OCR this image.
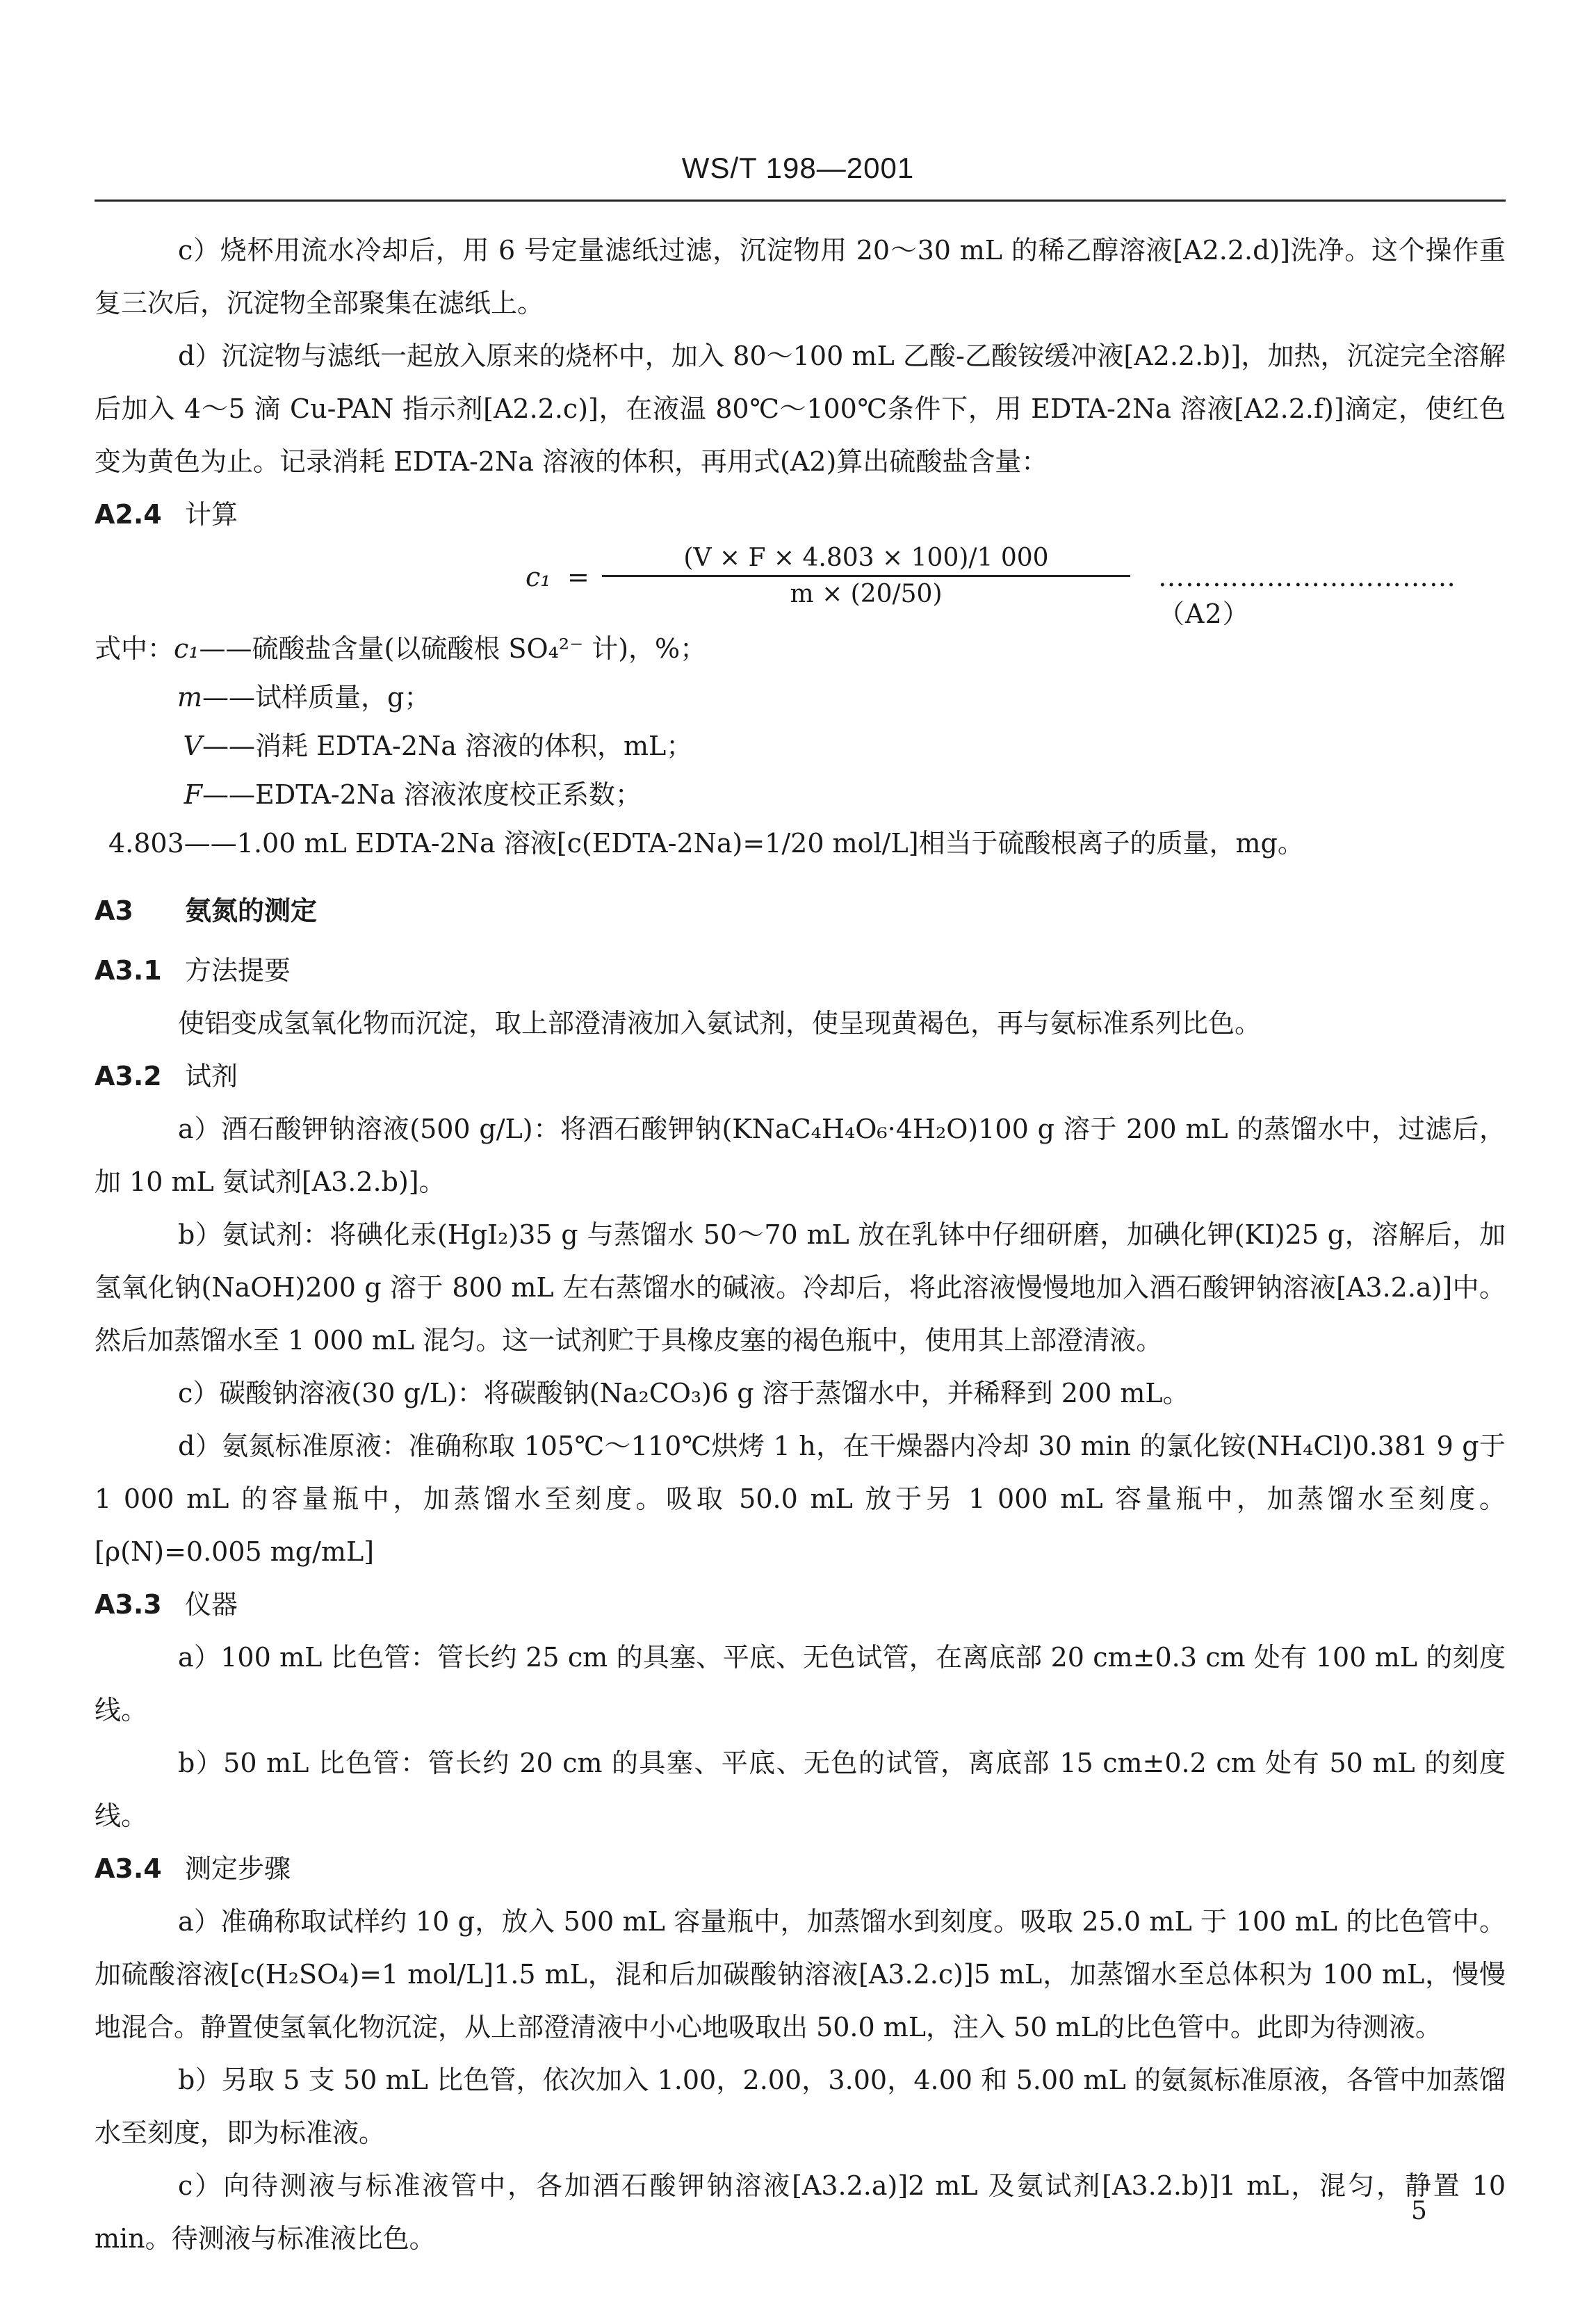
WS/T 198—2001

c）烧杯用流水冷却后，用 6 号定量滤纸过滤，沉淀物用 20～30 mL 的稀乙醇溶液[A2.2.d)]洗净。这个操作重复三次后，沉淀物全部聚集在滤纸上。

d）沉淀物与滤纸一起放入原来的烧杯中，加入 80～100 mL 乙酸-乙酸铵缓冲液[A2.2.b)]，加热，沉淀完全溶解后加入 4～5 滴 Cu-PAN 指示剂[A2.2.c)]，在液温 80℃～100℃条件下，用 EDTA-2Na 溶液[A2.2.f)]滴定，使红色变为黄色为止。记录消耗 EDTA-2Na 溶液的体积，再用式(A2)算出硫酸盐含量：

A2.4 计算

$c_1 = \frac{(V \times F \times 4.803 \times 100)/1 000}{m \times (20/50)}$ ……………………………（A2）

式中：c₁——硫酸盐含量(以硫酸根 SO₄²⁻ 计)，%；

m——试样质量，g；

V——消耗 EDTA-2Na 溶液的体积，mL；

F——EDTA-2Na 溶液浓度校正系数；

4.803——1.00 mL EDTA-2Na 溶液[c(EDTA-2Na)=1/20 mol/L]相当于硫酸根离子的质量，mg。

A3 氨氮的测定

A3.1 方法提要

使铝变成氢氧化物而沉淀，取上部澄清液加入氨试剂，使呈现黄褐色，再与氨标准系列比色。

A3.2 试剂

a）酒石酸钾钠溶液(500 g/L)：将酒石酸钾钠(KNaC₄H₄O₆·4H₂O)100 g 溶于 200 mL 的蒸馏水中，过滤后，加 10 mL 氨试剂[A3.2.b)]。

b）氨试剂：将碘化汞(HgI₂)35 g 与蒸馏水 50～70 mL 放在乳钵中仔细研磨，加碘化钾(KI)25 g，溶解后，加氢氧化钠(NaOH)200 g 溶于 800 mL 左右蒸馏水的碱液。冷却后，将此溶液慢慢地加入酒石酸钾钠溶液[A3.2.a)]中。然后加蒸馏水至 1 000 mL 混匀。这一试剂贮于具橡皮塞的褐色瓶中，使用其上部澄清液。

c）碳酸钠溶液(30 g/L)：将碳酸钠(Na₂CO₃)6 g 溶于蒸馏水中，并稀释到 200 mL。

d）氨氮标准原液：准确称取 105℃～110℃烘烤 1 h，在干燥器内冷却 30 min 的氯化铵(NH₄Cl)0.381 9 g于 1 000 mL 的容量瓶中，加蒸馏水至刻度。吸取 50.0 mL 放于另 1 000 mL 容量瓶中，加蒸馏水至刻度。[ρ(N)=0.005 mg/mL]

A3.3 仪器

a）100 mL 比色管：管长约 25 cm 的具塞、平底、无色试管，在离底部 20 cm±0.3 cm 处有 100 mL 的刻度线。

b）50 mL 比色管：管长约 20 cm 的具塞、平底、无色的试管，离底部 15 cm±0.2 cm 处有 50 mL 的刻度线。

A3.4 测定步骤

a）准确称取试样约 10 g，放入 500 mL 容量瓶中，加蒸馏水到刻度。吸取 25.0 mL 于 100 mL 的比色管中。加硫酸溶液[c(H₂SO₄)=1 mol/L]1.5 mL，混和后加碳酸钠溶液[A3.2.c)]5 mL，加蒸馏水至总体积为 100 mL，慢慢地混合。静置使氢氧化物沉淀，从上部澄清液中小心地吸取出 50.0 mL，注入 50 mL的比色管中。此即为待测液。

b）另取 5 支 50 mL 比色管，依次加入 1.00，2.00，3.00，4.00 和 5.00 mL 的氨氮标准原液，各管中加蒸馏水至刻度，即为标准液。

c）向待测液与标准液管中，各加酒石酸钾钠溶液[A3.2.a)]2 mL 及氨试剂[A3.2.b)]1 mL，混匀，静置 10 min。待测液与标准液比色。

5
